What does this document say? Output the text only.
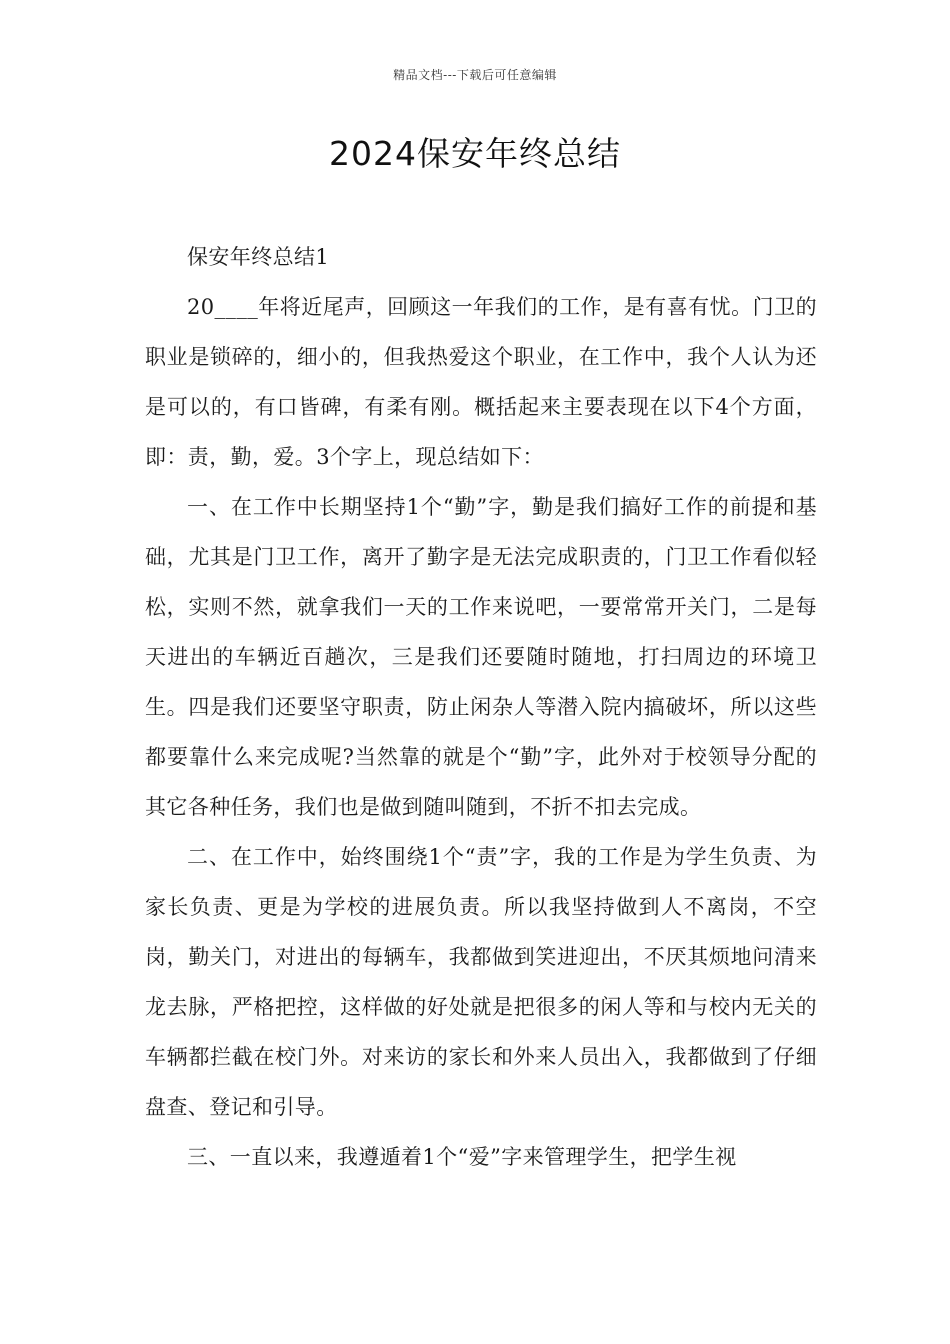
精品文档---下载后可任意编辑
2024保安年终总结

保安年终总结1

20____年将近尾声，回顾这一年我们的工作，是有喜有忧。门卫的职业是锁碎的，细小的，但我热爱这个职业，在工作中，我个人认为还是可以的，有口皆碑，有柔有刚。概括起来主要表现在以下4个方面，即：责，勤，爱。3个字上，现总结如下：

一、在工作中长期坚持1个“勤”字，勤是我们搞好工作的前提和基础，尤其是门卫工作，离开了勤字是无法完成职责的，门卫工作看似轻松，实则不然，就拿我们一天的工作来说吧，一要常常开关门，二是每天进出的车辆近百趟次，三是我们还要随时随地，打扫周边的环境卫生。四是我们还要坚守职责，防止闲杂人等潜入院内搞破坏，所以这些都要靠什么来完成呢?当然靠的就是个“勤”字，此外对于校领导分配的其它各种任务，我们也是做到随叫随到，不折不扣去完成。

二、在工作中，始终围绕1个“责”字，我的工作是为学生负责、为家长负责、更是为学校的进展负责。所以我坚持做到人不离岗，不空岗，勤关门，对进出的每辆车，我都做到笑进迎出，不厌其烦地问清来龙去脉，严格把控，这样做的好处就是把很多的闲人等和与校内无关的车辆都拦截在校门外。对来访的家长和外来人员出入，我都做到了仔细盘查、登记和引导。

三、一直以来，我遵遁着1个“爱”字来管理学生，把学生视
